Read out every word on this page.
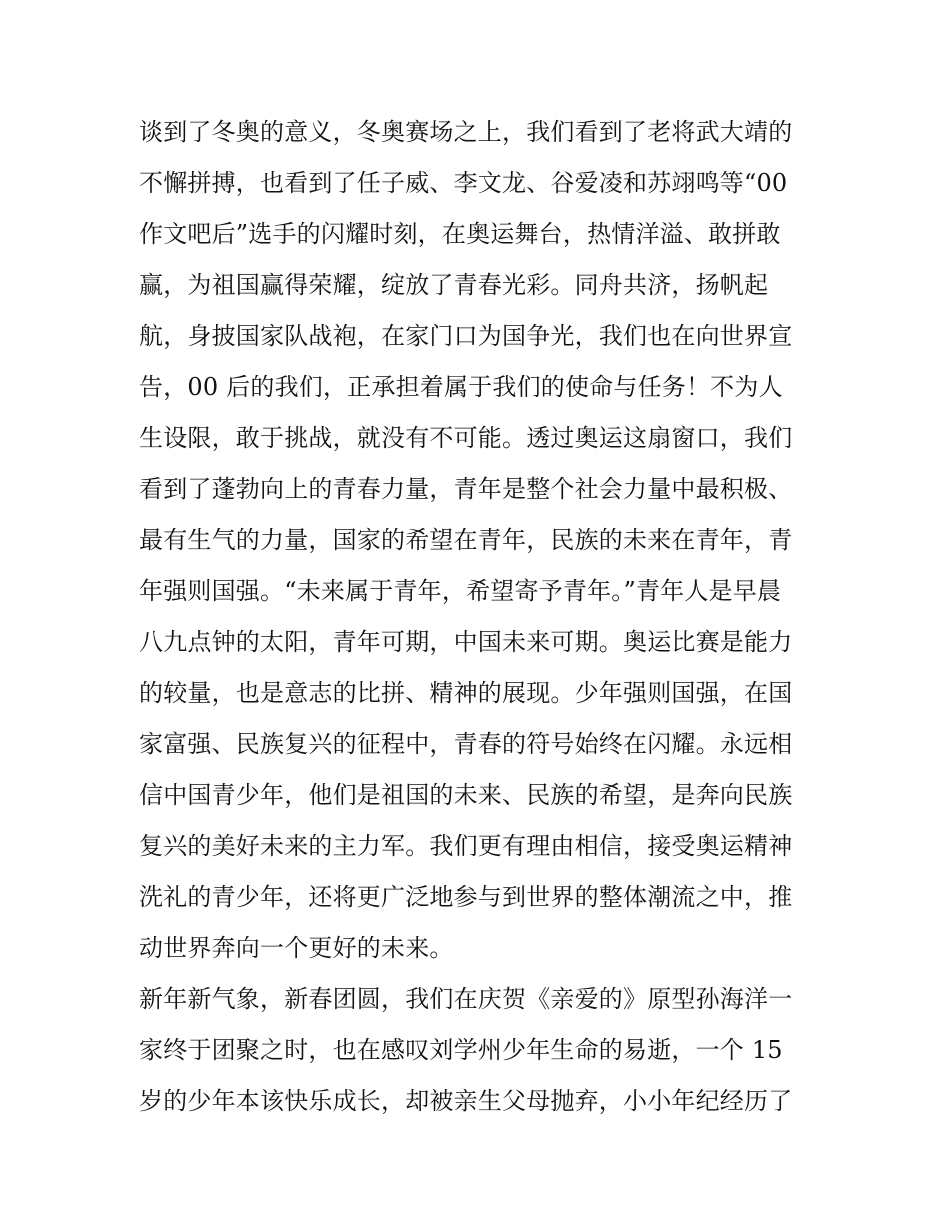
谈到了冬奥的意义，冬奥赛场之上，我们看到了老将武大靖的
不懈拼搏，也看到了任子威、李文龙、谷爱凌和苏翊鸣等“00
作文吧后”选手的闪耀时刻，在奥运舞台，热情洋溢、敢拼敢
赢，为祖国赢得荣耀，绽放了青春光彩。同舟共济，扬帆起
航，身披国家队战袍，在家门口为国争光，我们也在向世界宣
告，00 后的我们，正承担着属于我们的使命与任务！不为人
生设限，敢于挑战，就没有不可能。透过奥运这扇窗口，我们
看到了蓬勃向上的青春力量，青年是整个社会力量中最积极、
最有生气的力量，国家的希望在青年，民族的未来在青年，青
年强则国强。“未来属于青年，希望寄予青年。”青年人是早晨
八九点钟的太阳，青年可期，中国未来可期。奥运比赛是能力
的较量，也是意志的比拼、精神的展现。少年强则国强，在国
家富强、民族复兴的征程中，青春的符号始终在闪耀。永远相
信中国青少年，他们是祖国的未来、民族的希望，是奔向民族
复兴的美好未来的主力军。我们更有理由相信，接受奥运精神
洗礼的青少年，还将更广泛地参与到世界的整体潮流之中，推
动世界奔向一个更好的未来。
新年新气象，新春团圆，我们在庆贺《亲爱的》原型孙海洋一
家终于团聚之时，也在感叹刘学州少年生命的易逝，一个 15
岁的少年本该快乐成长，却被亲生父母抛弃，小小年纪经历了
